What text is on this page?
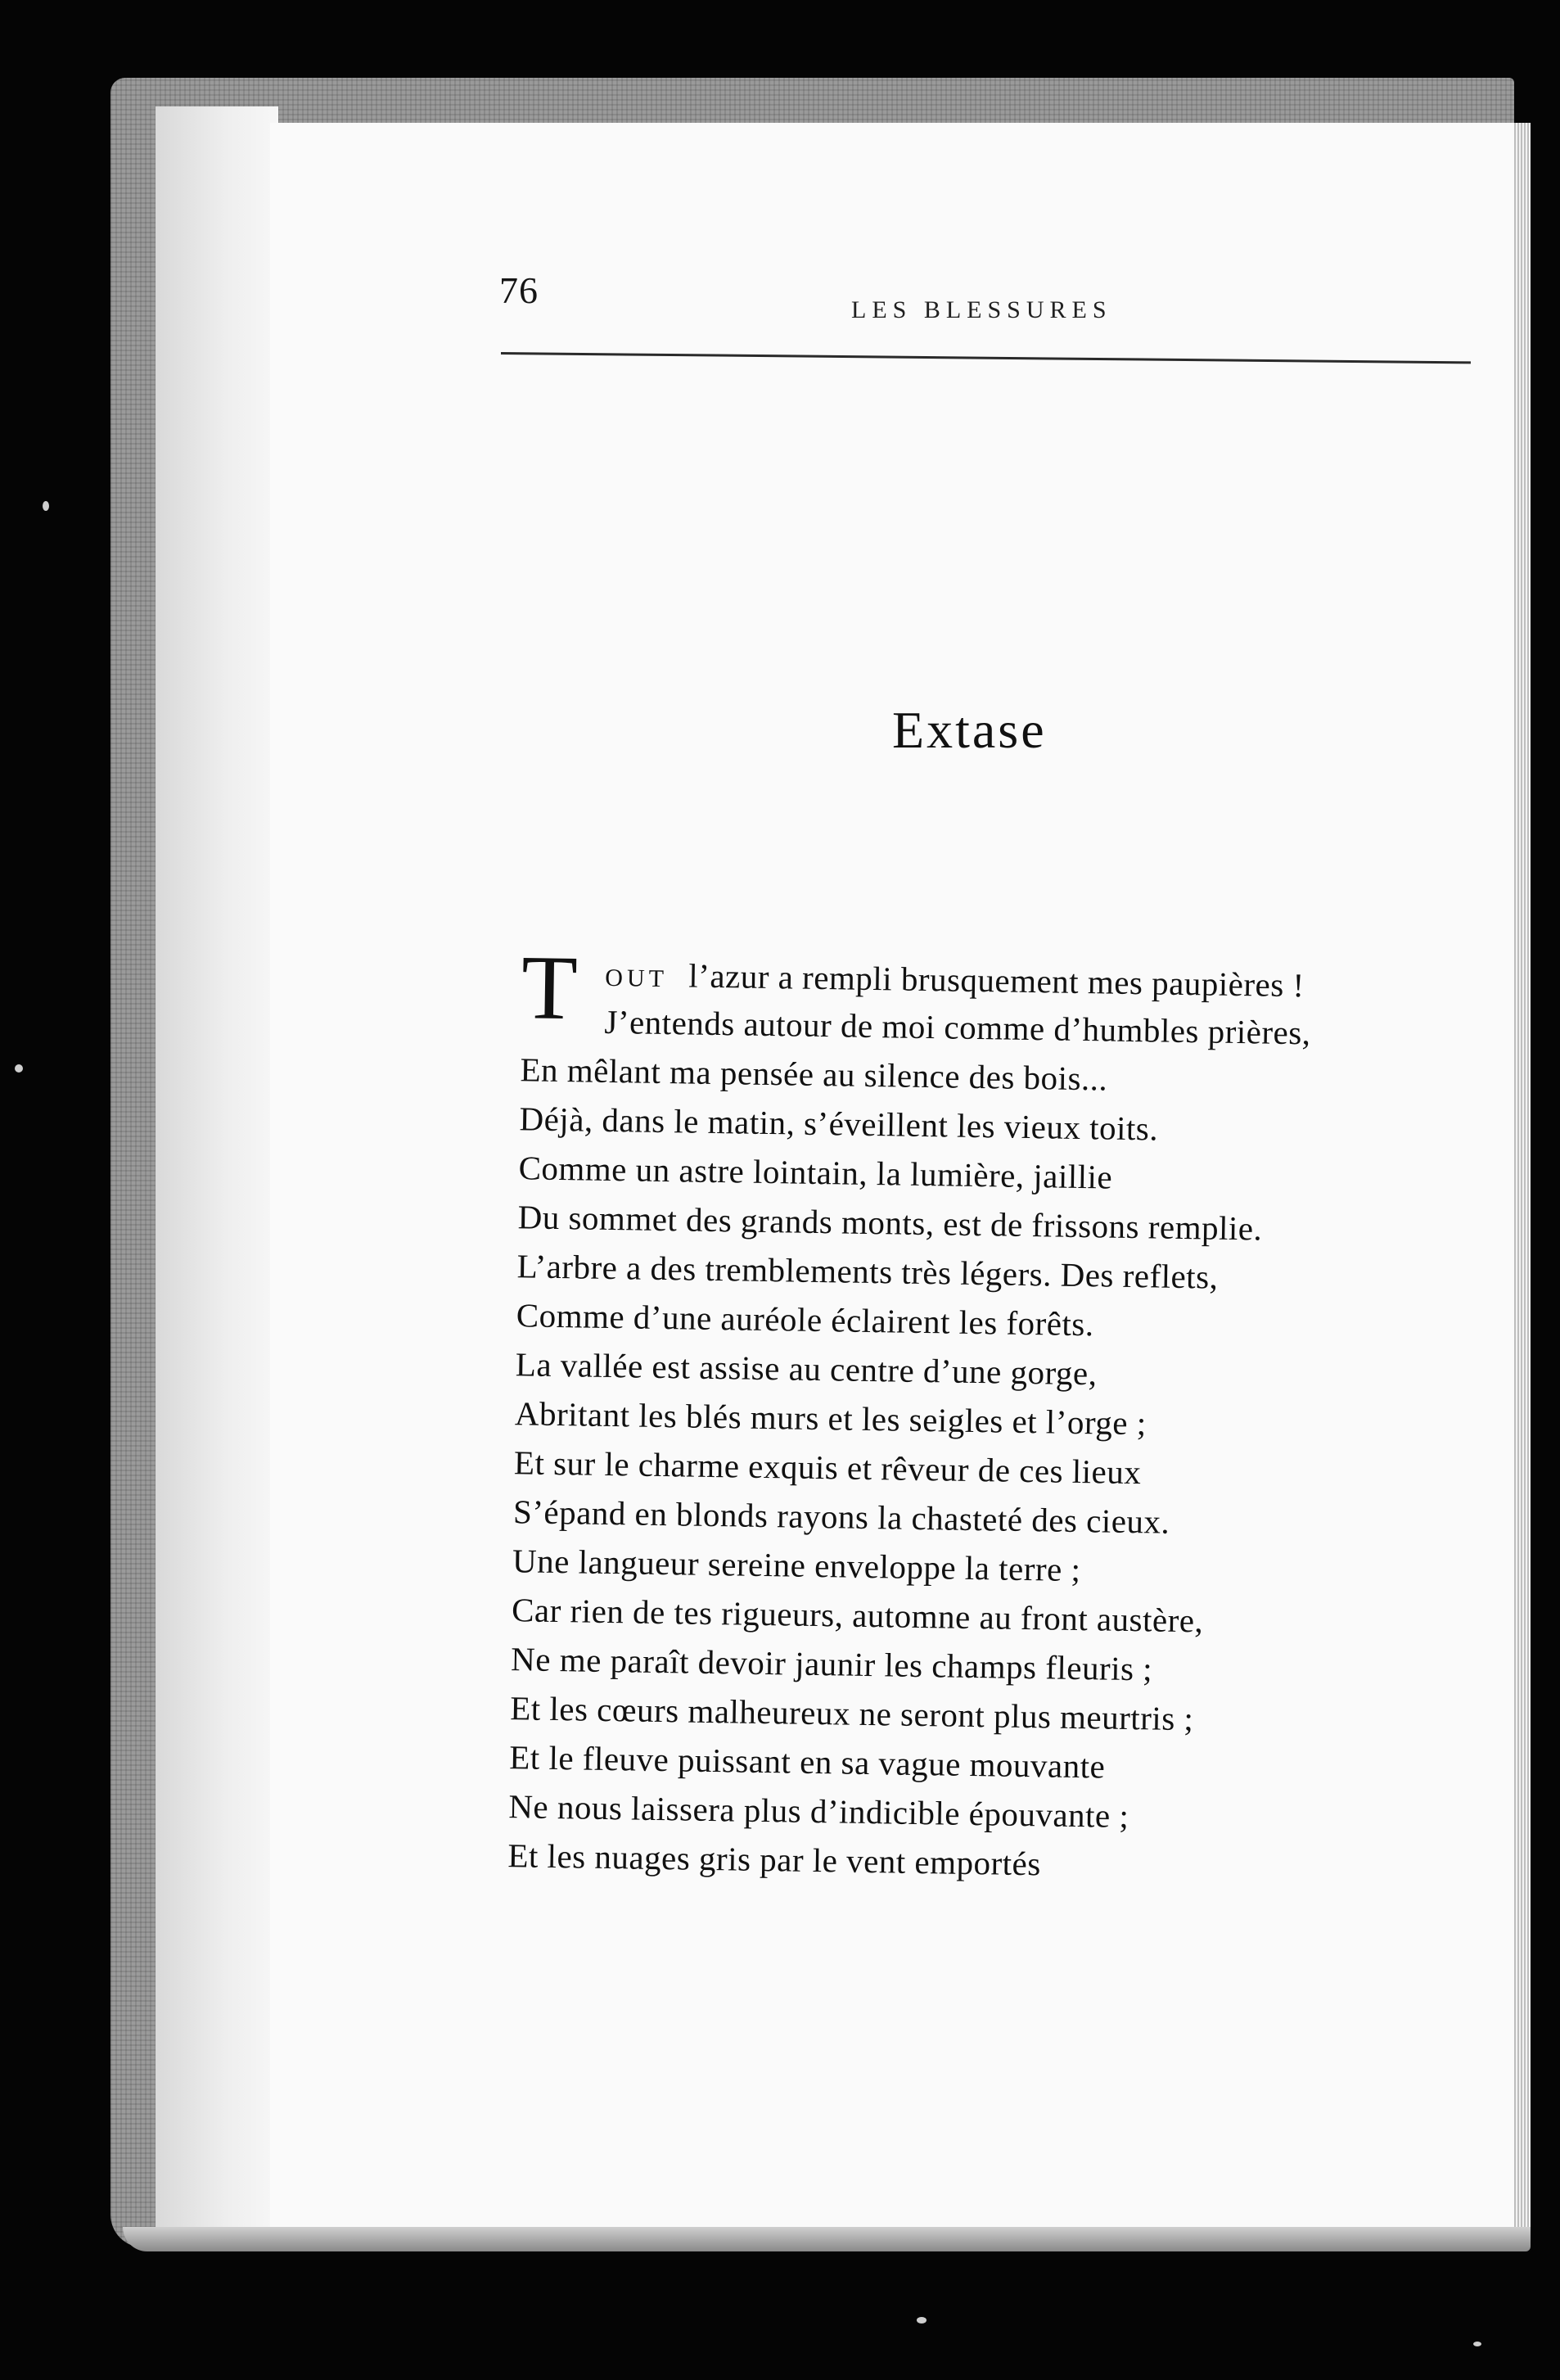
76	LES BLESSURES
Extase
T OUT l’azur a rempli brusquement mes paupières !
J’entends autour de moi comme d’humbles prières,
En mêlant ma pensée au silence des bois...
Déjà, dans le matin, s’éveillent les vieux toits.
Comme un astre lointain, la lumière, jaillie
Du sommet des grands monts, est de frissons remplie.
L’arbre a des tremblements très légers. Des reflets,
Comme d’une auréole éclairent les forêts.
La vallée est assise au centre d’une gorge,
Abritant les blés murs et les seigles et l’orge ;
Et sur le charme exquis et rêveur de ces lieux
S’épand en blonds rayons la chasteté des cieux.
Une langueur sereine enveloppe la terre ;
Car rien de tes rigueurs, automne au front austère,
Ne me paraît devoir jaunir les champs fleuris ;
Et les cœurs malheureux ne seront plus meurtris ;
Et le fleuve puissant en sa vague mouvante
Ne nous laissera plus d’indicible épouvante ;
Et les nuages gris par le vent emportés
